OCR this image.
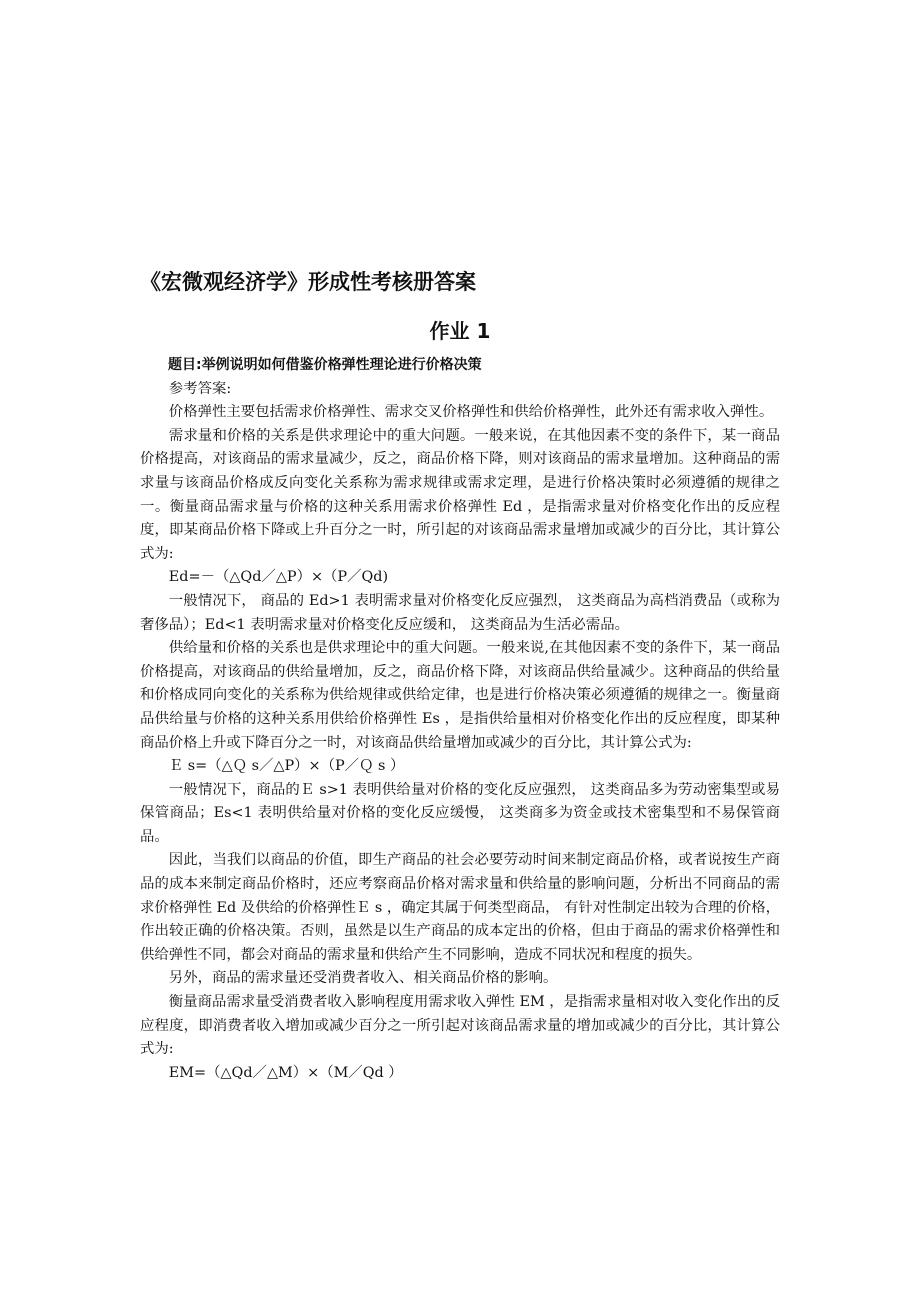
《宏微观经济学》形成性考核册答案
作业 1

题目:举例说明如何借鉴价格弹性理论进行价格决策

参考答案:

价格弹性主要包括需求价格弹性、需求交叉价格弹性和供给价格弹性，此外还有需求收入弹性。

需求量和价格的关系是供求理论中的重大问题。一般来说，在其他因素不变的条件下，某一商品价格提高，对该商品的需求量减少，反之，商品价格下降，则对该商品的需求量增加。这种商品的需求量与该商品价格成反向变化关系称为需求规律或需求定理，是进行价格决策时必须遵循的规律之一。衡量商品需求量与价格的这种关系用需求价格弹性 Ed ，是指需求量对价格变化作出的反应程度，即某商品价格下降或上升百分之一时，所引起的对该商品需求量增加或减少的百分比，其计算公式为:

Ed=－（△Qd／△P）×（P／Qd)

一般情况下， 商品的 Ed>1 表明需求量对价格变化反应强烈， 这类商品为高档消费品（或称为奢侈品）；Ed<1 表明需求量对价格变化反应缓和， 这类商品为生活必需品。

供给量和价格的关系也是供求理论中的重大问题。一般来说,在其他因素不变的条件下，某一商品价格提高，对该商品的供给量增加，反之，商品价格下降，对该商品供给量减少。这种商品的供给量和价格成同向变化的关系称为供给规律或供给定律，也是进行价格决策必须遵循的规律之一。衡量商品供给量与价格的这种关系用供给价格弹性 Es ，是指供给量相对价格变化作出的反应程度，即某种商品价格上升或下降百分之一时，对该商品供给量增加或减少的百分比，其计算公式为:

Ｅ s=（△Ｑ s／△P）×（P／Ｑ s ）

一般情况下，商品的Ｅ s>1 表明供给量对价格的变化反应强烈， 这类商品多为劳动密集型或易保管商品；Es<1 表明供给量对价格的变化反应缓慢， 这类商多为资金或技术密集型和不易保管商品。

因此，当我们以商品的价值，即生产商品的社会必要劳动时间来制定商品价格，或者说按生产商品的成本来制定商品价格时，还应考察商品价格对需求量和供给量的影响问题，分析出不同商品的需求价格弹性 Ed 及供给的价格弹性Ｅ s ，确定其属于何类型商品， 有针对性制定出较为合理的价格，作出较正确的价格决策。否则，虽然是以生产商品的成本定出的价格，但由于商品的需求价格弹性和供给弹性不同，都会对商品的需求量和供给产生不同影响，造成不同状况和程度的损失。

另外，商品的需求量还受消费者收入、相关商品价格的影响。

衡量商品需求量受消费者收入影响程度用需求收入弹性 EM ，是指需求量相对收入变化作出的反应程度，即消费者收入增加或减少百分之一所引起对该商品需求量的增加或减少的百分比，其计算公式为:

EM=（△Qd／△M）×（M／Qd ）
